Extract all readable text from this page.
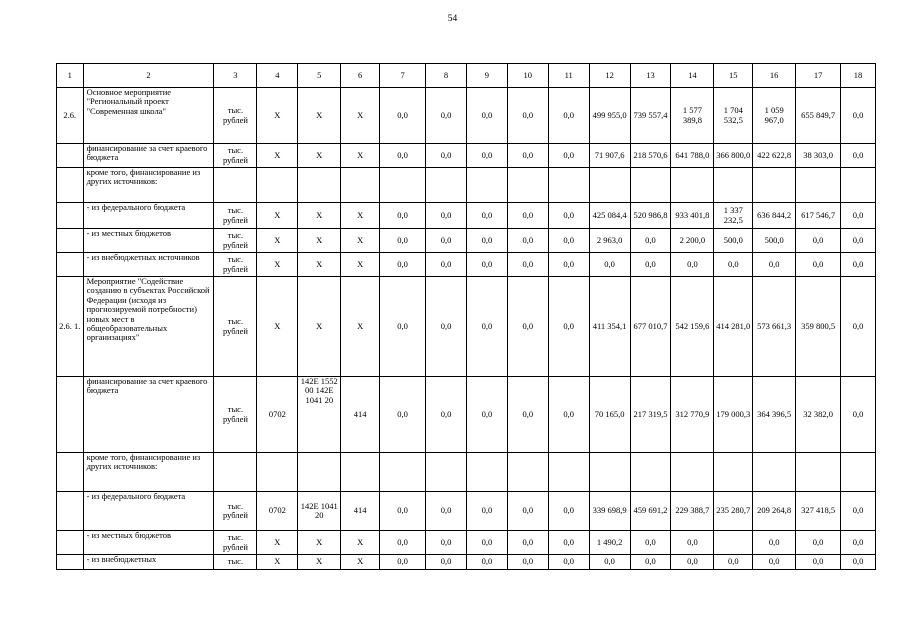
54
1	2	3	4	5	6	7	8	9	10	11	12	13	14	15	16	17	18
2.6.	Основное мероприятие "Региональный проект "Современная школа"	тыс. рублей	Х	Х	Х	0,0	0,0	0,0	0,0	0,0	499 955,0	739 557,4	1 577 389,8	1 704 532,5	1 059 967,0	655 849,7	0,0
	финансирование за счет краевого бюджета	тыс. рублей	Х	Х	Х	0,0	0,0	0,0	0,0	0,0	71 907,6	218 570,6	641 788,0	366 800,0	422 622,8	38 303,0	0,0
	кроме того, финансирование из других источников:																
	- из федерального бюджета	тыс. рублей	Х	Х	Х	0,0	0,0	0,0	0,0	0,0	425 084,4	520 986,8	933 401,8	1 337 232,5	636 844,2	617 546,7	0,0
	- из местных бюджетов	тыс. рублей	Х	Х	Х	0,0	0,0	0,0	0,0	0,0	2 963,0	0,0	2 200,0	500,0	500,0	0,0	0,0
	- из внебюджетных источников	тыс. рублей	Х	Х	Х	0,0	0,0	0,0	0,0	0,0	0,0	0,0	0,0	0,0	0,0	0,0	0,0
2.6. 1.	Мероприятие "Содействие созданию в субъектах Российской Федерации (исходя из прогнозируемой потребности) новых мест в общеобразовательных организациях"	тыс. рублей	Х	Х	Х	0,0	0,0	0,0	0,0	0,0	411 354,1	677 010,7	542 159,6	414 281,0	573 661,3	359 800,5	0,0
	финансирование за счет краевого бюджета	тыс. рублей	0702	142Е 1552 00 142Е 1041 20	414	0,0	0,0	0,0	0,0	0,0	70 165,0	217 319,5	312 770,9	179 000,3	364 396,5	32 382,0	0,0
	кроме того, финансирование из других источников:																
	- из федерального бюджета	тыс. рублей	0702	142Е 1041 20	414	0,0	0,0	0,0	0,0	0,0	339 698,9	459 691,2	229 388,7	235 280,7	209 264,8	327 418,5	0,0
	- из местных бюджетов	тыс. рублей	Х	Х	Х	0,0	0,0	0,0	0,0	0,0	1 490,2	0,0	0,0		0,0	0,0	0,0
	- из внебюджетных	тыс.	Х	Х	Х	0,0	0,0	0,0	0,0	0,0	0,0	0,0	0,0	0,0	0,0	0,0	0,0
